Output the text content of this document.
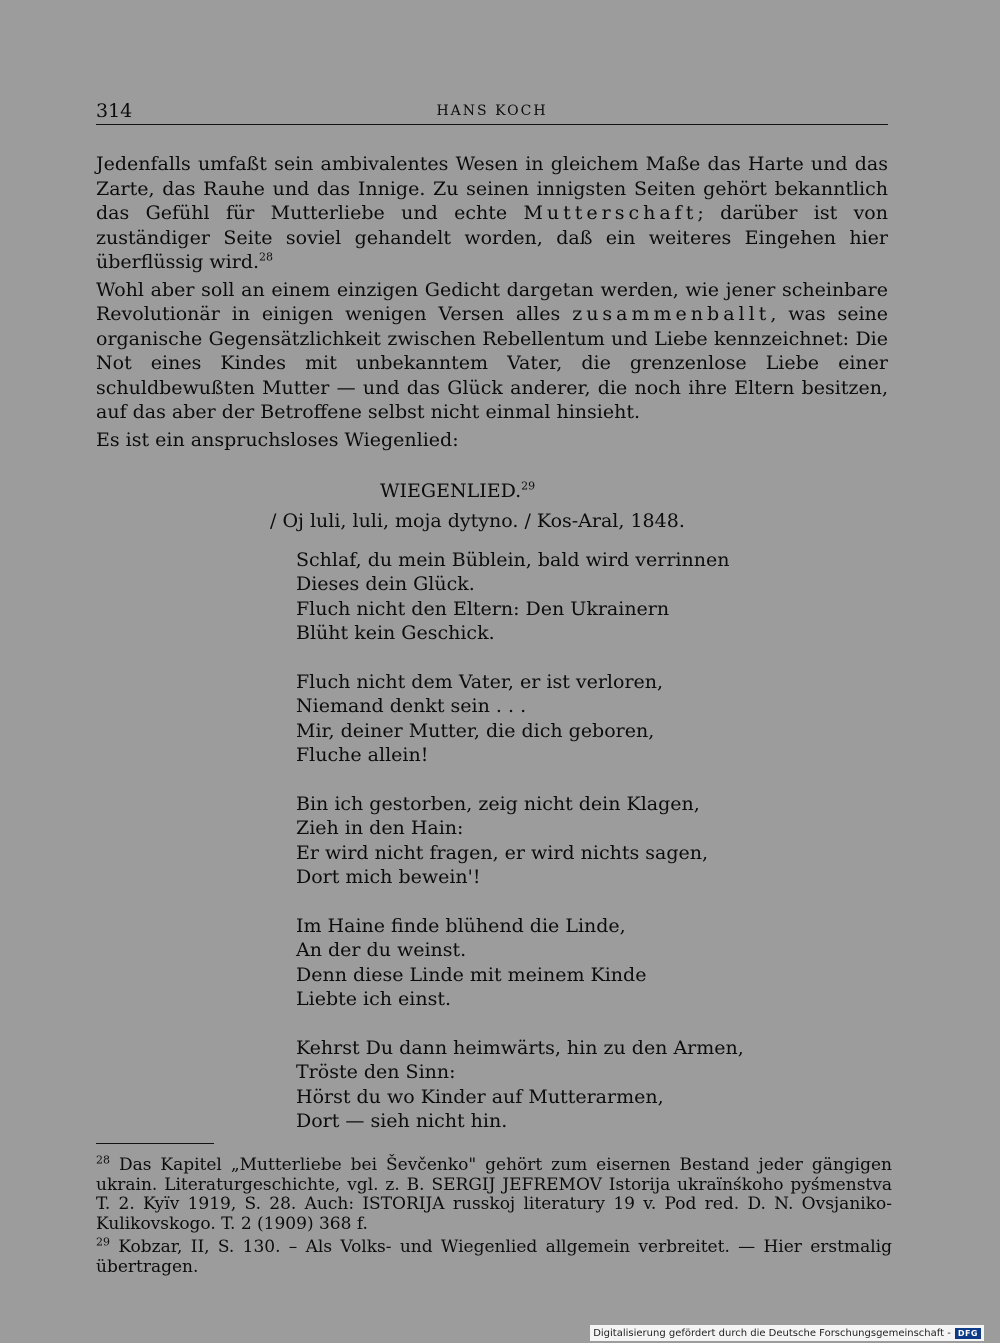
314	HANS KOCH

Jedenfalls umfaßt sein ambivalentes Wesen in gleichem Maße das Harte und das Zarte, das Rauhe und das Innige. Zu seinen innigsten Seiten gehört bekanntlich das Gefühl für Mutterliebe und echte Mutterschaft; darüber ist von zuständiger Seite soviel gehandelt worden, daß ein weiteres Eingehen hier überflüssig wird.$^{28}$

Wohl aber soll an einem einzigen Gedicht dargetan werden, wie jener scheinbare Revolutionär in einigen wenigen Versen alles zusammenballt, was seine organische Gegensätzlichkeit zwischen Rebellentum und Liebe kennzeichnet: Die Not eines Kindes mit unbekanntem Vater, die grenzenlose Liebe einer schuldbewußten Mutter — und das Glück anderer, die noch ihre Eltern besitzen, auf das aber der Betroffene selbst nicht einmal hinsieht.

Es ist ein anspruchsloses Wiegenlied:

WIEGENLIED.$^{29}$
/ Oj luli, luli, moja dytyno. / Kos-Aral, 1848.
Schlaf, du mein Büblein, bald wird verrinnen
Dieses dein Glück.
Fluch nicht den Eltern: Den Ukrainern
Blüht kein Geschick.
Fluch nicht dem Vater, er ist verloren,
Niemand denkt sein . . .
Mir, deiner Mutter, die dich geboren,
Fluche allein!
Bin ich gestorben, zeig nicht dein Klagen,
Zieh in den Hain:
Er wird nicht fragen, er wird nichts sagen,
Dort mich bewein'!
Im Haine finde blühend die Linde,
An der du weinst.
Denn diese Linde mit meinem Kinde
Liebte ich einst.
Kehrst Du dann heimwärts, hin zu den Armen,
Tröste den Sinn:
Hörst du wo Kinder auf Mutterarmen,
Dort — sieh nicht hin.

$^{28}$ Das Kapitel „Mutterliebe bei Ševčenko" gehört zum eisernen Bestand jeder gängigen ukrain. Literaturgeschichte, vgl. z. B. SERGIJ JEFREMOV Istorija ukraïnśkoho pyśmenstva T. 2. Kyïv 1919, S. 28. Auch: ISTORIJA russkoj literatury 19 v. Pod red. D. N. Ovsjaniko-Kulikovskogo. T. 2 (1909) 368 f.

$^{29}$ Kobzar, II, S. 130. – Als Volks- und Wiegenlied allgemein verbreitet. — Hier erstmalig übertragen.

Digitalisierung gefördert durch die Deutsche Forschungsgemeinschaft - DFG
